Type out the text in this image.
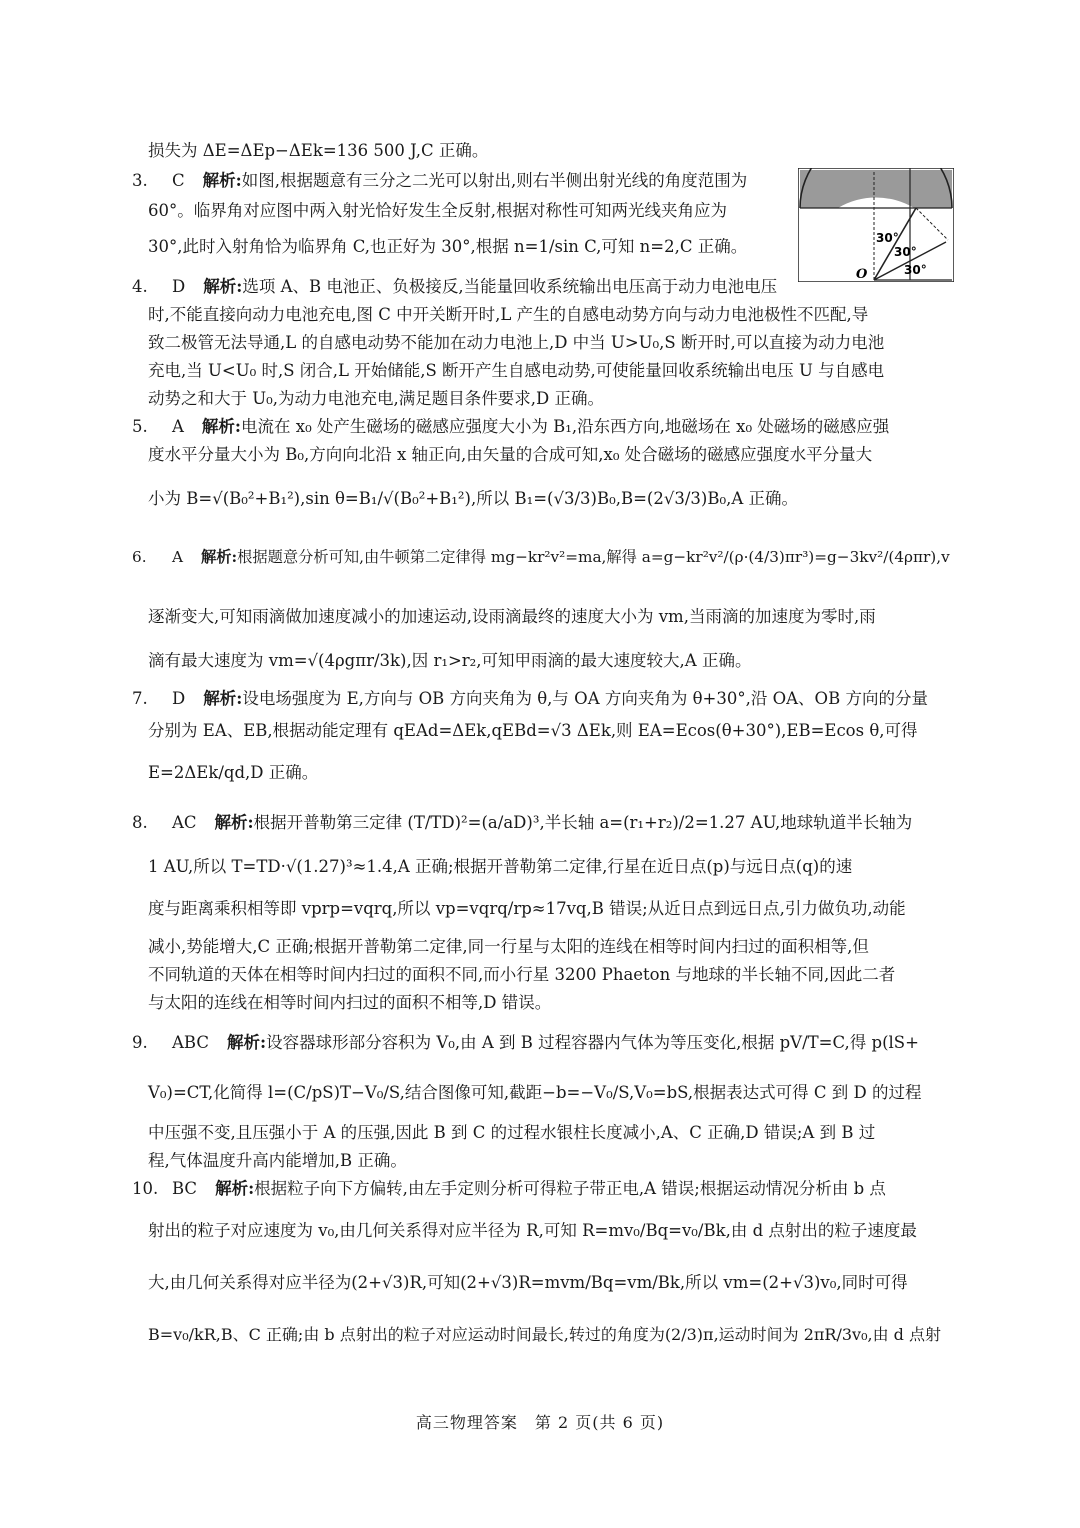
损失为 ΔE=ΔEp−ΔEk=136 500 J,C 正确。
3. C 解析:如图,根据题意有三分之二光可以射出,则右半侧出射光线的角度范围为
60°。临界角对应图中两入射光恰好发生全反射,根据对称性可知两光线夹角应为
30°,此时入射角恰为临界角 C,也正好为 30°,根据 n=1/sin C,可知 n=2,C 正确。	30°
30°
30°
O
4. D 解析:选项 A、B 电池正、负极接反,当能量回收系统输出电压高于动力电池电压
时,不能直接向动力电池充电,图 C 中开关断开时,L 产生的自感电动势方向与动力电池极性不匹配,导
致二极管无法导通,L 的自感电动势不能加在动力电池上,D 中当 U>U₀,S 断开时,可以直接为动力电池
充电,当 U<U₀ 时,S 闭合,L 开始储能,S 断开产生自感电动势,可使能量回收系统输出电压 U 与自感电
动势之和大于 U₀,为动力电池充电,满足题目条件要求,D 正确。
5. A 解析:电流在 x₀ 处产生磁场的磁感应强度大小为 B₁,沿东西方向,地磁场在 x₀ 处磁场的磁感应强
度水平分量大小为 B₀,方向向北沿 x 轴正向,由矢量的合成可知,x₀ 处合磁场的磁感应强度水平分量大
小为 B=√(B₀²+B₁²),sin θ=B₁/√(B₀²+B₁²),所以 B₁=(√3/3)B₀,B=(2√3/3)B₀,A 正确。
6. A 解析:根据题意分析可知,由牛顿第二定律得 mg−kr²v²=ma,解得 a=g−kr²v²/(ρ·(4/3)πr³)=g−3kv²/(4ρπr),v
逐渐变大,可知雨滴做加速度减小的加速运动,设雨滴最终的速度大小为 vm,当雨滴的加速度为零时,雨
滴有最大速度为 vm=√(4ρgπr/3k),因 r₁>r₂,可知甲雨滴的最大速度较大,A 正确。
7. D 解析:设电场强度为 E,方向与 OB 方向夹角为 θ,与 OA 方向夹角为 θ+30°,沿 OA、OB 方向的分量
分别为 EA、EB,根据动能定理有 qEAd=ΔEk,qEBd=√3 ΔEk,则 EA=Ecos(θ+30°),EB=Ecos θ,可得
E=2ΔEk/qd,D 正确。
8. AC 解析:根据开普勒第三定律 (T/TD)²=(a/aD)³,半长轴 a=(r₁+r₂)/2=1.27 AU,地球轨道半长轴为
1 AU,所以 T=TD·√(1.27)³≈1.4,A 正确;根据开普勒第二定律,行星在近日点(p)与远日点(q)的速
度与距离乘积相等即 vprp=vqrq,所以 vp=vqrq/rp≈17vq,B 错误;从近日点到远日点,引力做负功,动能
减小,势能增大,C 正确;根据开普勒第二定律,同一行星与太阳的连线在相等时间内扫过的面积相等,但
不同轨道的天体在相等时间内扫过的面积不同,而小行星 3200 Phaeton 与地球的半长轴不同,因此二者
与太阳的连线在相等时间内扫过的面积不相等,D 错误。
9. ABC 解析:设容器球形部分容积为 V₀,由 A 到 B 过程容器内气体为等压变化,根据 pV/T=C,得 p(lS+
V₀)=CT,化简得 l=(C/pS)T−V₀/S,结合图像可知,截距−b=−V₀/S,V₀=bS,根据表达式可得 C 到 D 的过程
中压强不变,且压强小于 A 的压强,因此 B 到 C 的过程水银柱长度减小,A、C 正确,D 错误;A 到 B 过
程,气体温度升高内能增加,B 正确。
10. BC 解析:根据粒子向下方偏转,由左手定则分析可得粒子带正电,A 错误;根据运动情况分析由 b 点
射出的粒子对应速度为 v₀,由几何关系得对应半径为 R,可知 R=mv₀/Bq=v₀/Bk,由 d 点射出的粒子速度最
大,由几何关系得对应半径为(2+√3)R,可知(2+√3)R=mvm/Bq=vm/Bk,所以 vm=(2+√3)v₀,同时可得
B=v₀/kR,B、C 正确;由 b 点射出的粒子对应运动时间最长,转过的角度为(2/3)π,运动时间为 2πR/3v₀,由 d 点射
高三物理答案　第 2 页(共 6 页)
